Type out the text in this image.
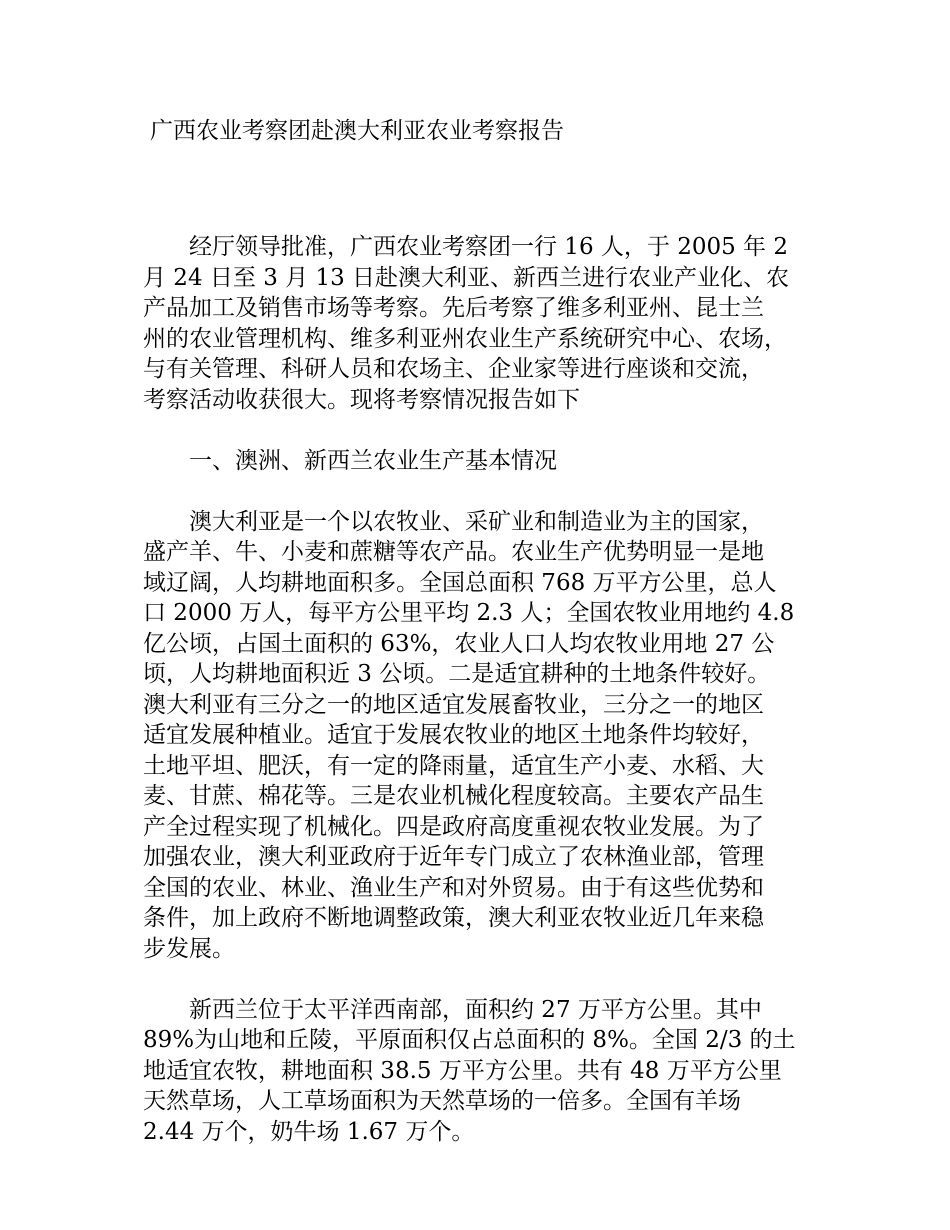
广西农业考察团赴澳大利亚农业考察报告

经厅领导批准，广西农业考察团一行 16 人，于 2005 年 2
月 24 日至 3 月 13 日赴澳大利亚、新西兰进行农业产业化、农
产品加工及销售市场等考察。先后考察了维多利亚州、昆士兰
州的农业管理机构、维多利亚州农业生产系统研究中心、农场，
与有关管理、科研人员和农场主、企业家等进行座谈和交流，
考察活动收获很大。现将考察情况报告如下

一、澳洲、新西兰农业生产基本情况

澳大利亚是一个以农牧业、采矿业和制造业为主的国家，
盛产羊、牛、小麦和蔗糖等农产品。农业生产优势明显一是地
域辽阔，人均耕地面积多。全国总面积 768 万平方公里，总人
口 2000 万人，每平方公里平均 2.3 人；全国农牧业用地约 4.8
亿公顷，占国土面积的 63%，农业人口人均农牧业用地 27 公
顷，人均耕地面积近 3 公顷。二是适宜耕种的土地条件较好。
澳大利亚有三分之一的地区适宜发展畜牧业，三分之一的地区
适宜发展种植业。适宜于发展农牧业的地区土地条件均较好，
土地平坦、肥沃，有一定的降雨量，适宜生产小麦、水稻、大
麦、甘蔗、棉花等。三是农业机械化程度较高。主要农产品生
产全过程实现了机械化。四是政府高度重视农牧业发展。为了
加强农业，澳大利亚政府于近年专门成立了农林渔业部，管理
全国的农业、林业、渔业生产和对外贸易。由于有这些优势和
条件，加上政府不断地调整政策，澳大利亚农牧业近几年来稳
步发展。

新西兰位于太平洋西南部，面积约 27 万平方公里。其中
89%为山地和丘陵，平原面积仅占总面积的 8%。全国 2/3 的土
地适宜农牧，耕地面积 38.5 万平方公里。共有 48 万平方公里
天然草场，人工草场面积为天然草场的一倍多。全国有羊场
2.44 万个，奶牛场 1.67 万个。
